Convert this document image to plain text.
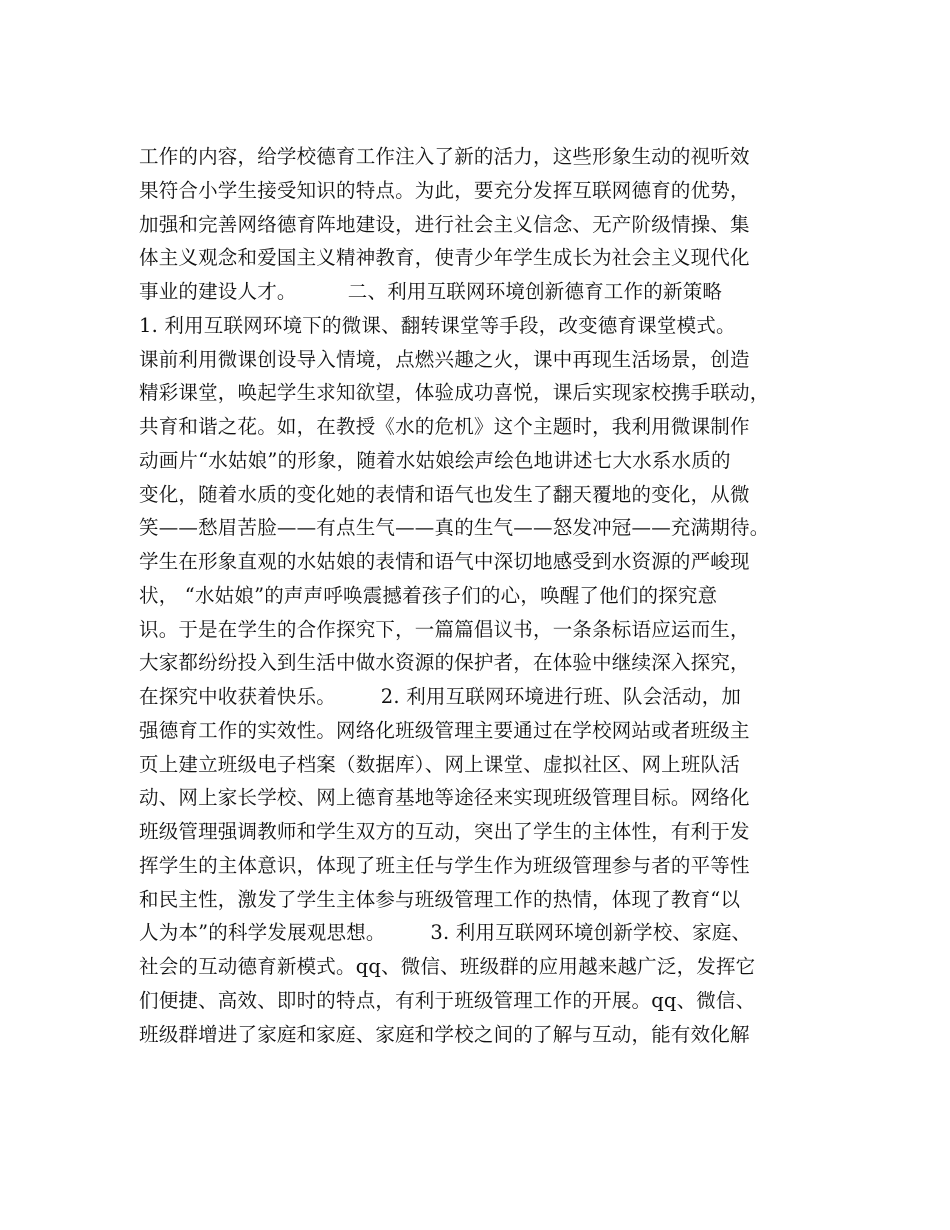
工作的内容，给学校德育工作注入了新的活力，这些形象生动的视听效
果符合小学生接受知识的特点。为此，要充分发挥互联网德育的优势，
加强和完善网络德育阵地建设，进行社会主义信念、无产阶级情操、集
体主义观念和爱国主义精神教育，使青少年学生成长为社会主义现代化
事业的建设人才。        二、利用互联网环境创新德育工作的新策略
1. 利用互联网环境下的微课、翻转课堂等手段，改变德育课堂模式。
课前利用微课创设导入情境，点燃兴趣之火，课中再现生活场景，创造
精彩课堂，唤起学生求知欲望，体验成功喜悦，课后实现家校携手联动，
共育和谐之花。如，在教授《水的危机》这个主题时，我利用微课制作
动画片“水姑娘”的形象，随着水姑娘绘声绘色地讲述七大水系水质的
变化，随着水质的变化她的表情和语气也发生了翻天覆地的变化，从微
笑——愁眉苦脸——有点生气——真的生气——怒发冲冠——充满期待。
学生在形象直观的水姑娘的表情和语气中深切地感受到水资源的严峻现
状， “水姑娘”的声声呼唤震撼着孩子们的心，唤醒了他们的探究意
识。于是在学生的合作探究下，一篇篇倡议书，一条条标语应运而生，
大家都纷纷投入到生活中做水资源的保护者，在体验中继续深入探究，
在探究中收获着快乐。       2. 利用互联网环境进行班、队会活动，加
强德育工作的实效性。网络化班级管理主要通过在学校网站或者班级主
页上建立班级电子档案（数据库）、网上课堂、虚拟社区、网上班队活
动、网上家长学校、网上德育基地等途径来实现班级管理目标。网络化
班级管理强调教师和学生双方的互动，突出了学生的主体性，有利于发
挥学生的主体意识，体现了班主任与学生作为班级管理参与者的平等性
和民主性，激发了学生主体参与班级管理工作的热情，体现了教育“以
人为本”的科学发展观思想。       3. 利用互联网环境创新学校、家庭、
社会的互动德育新模式。qq、微信、班级群的应用越来越广泛，发挥它
们便捷、高效、即时的特点，有利于班级管理工作的开展。qq、微信、
班级群增进了家庭和家庭、家庭和学校之间的了解与互动，能有效化解
